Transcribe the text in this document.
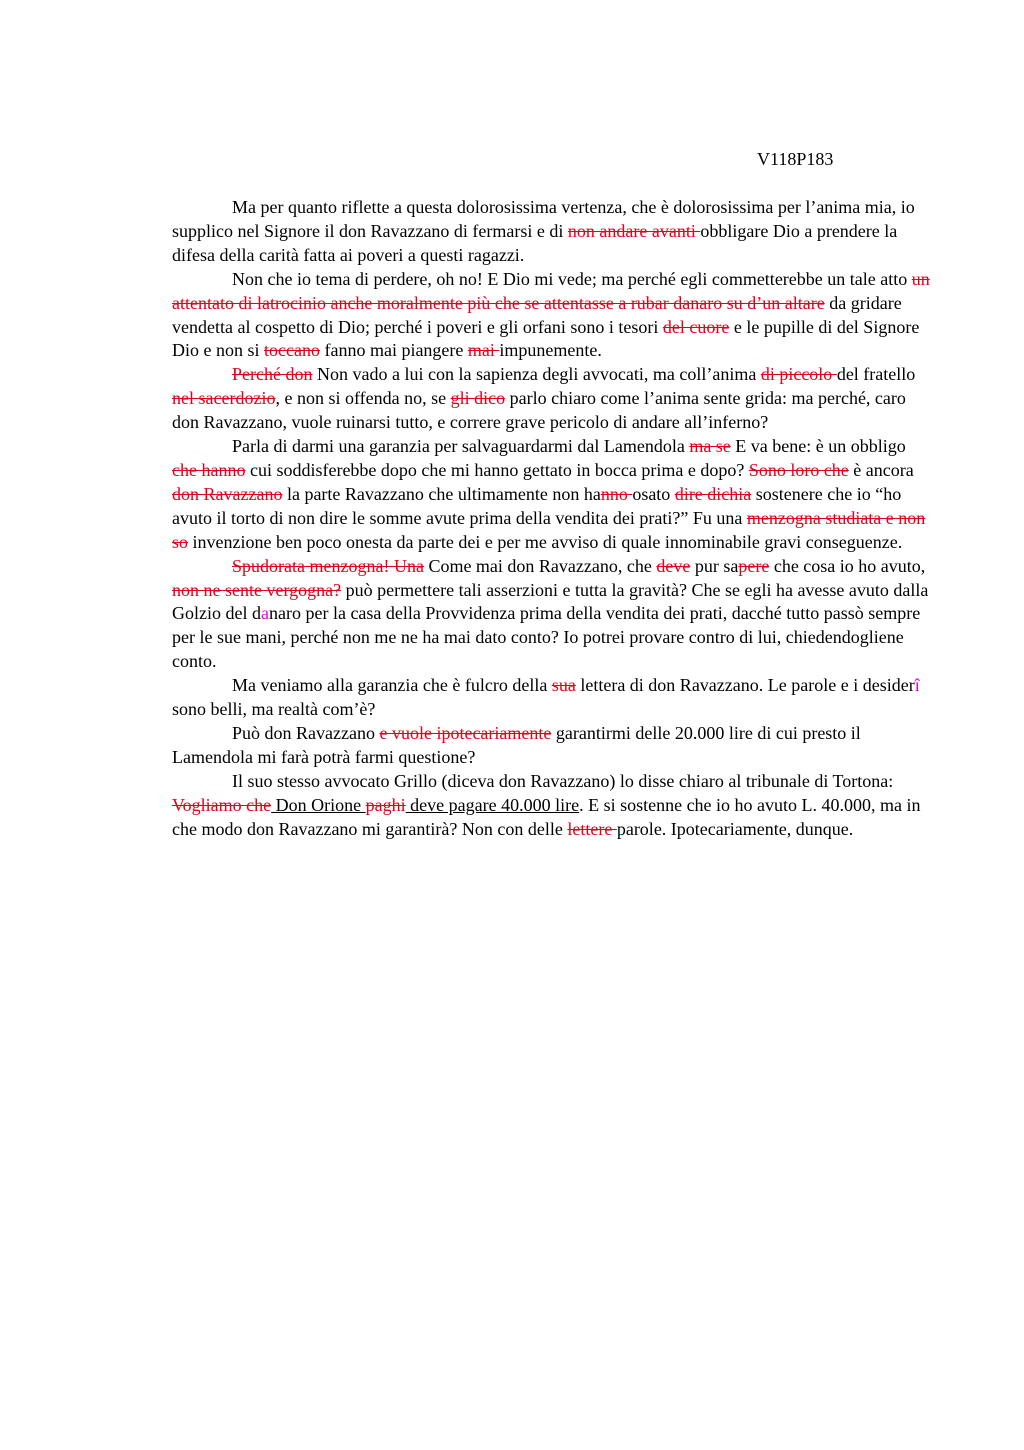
V118P183

Ma per quanto riflette a questa dolorosissima vertenza, che è dolorosissima per l’anima mia, io supplico nel Signore il don Ravazzano di fermarsi e di non andare avanti obbligare Dio a prendere la difesa della carità fatta ai poveri a questi ragazzi.

Non che io tema di perdere, oh no! E Dio mi vede; ma perché egli commetterebbe un tale atto un attentato di latrocinio anche moralmente più che se attentasse a rubar danaro su d’un altare da gridare vendetta al cospetto di Dio; perché i poveri e gli orfani sono i tesori del cuore e le pupille di del Signore Dio e non si toccano fanno mai piangere mai impunemente.

Perché don Non vado a lui con la sapienza degli avvocati, ma coll’anima di piccolo del fratello nel sacerdozio, e non si offenda no, se gli dico parlo chiaro come l’anima sente grida: ma perché, caro don Ravazzano, vuole ruinarsi tutto, e correre grave pericolo di andare all’inferno?

Parla di darmi una garanzia per salvaguardarmi dal Lamendola ma se E va bene: è un obbligo che hanno cui soddisferebbe dopo che mi hanno gettato in bocca prima e dopo? Sono loro che è ancora don Ravazzano la parte Ravazzano che ultimamente non hanno osato dire dichia sostenere che io “ho avuto il torto di non dire le somme avute prima della vendita dei prati?” Fu una menzogna studiata e non so invenzione ben poco onesta da parte dei e per me avviso di quale innominabile gravi conseguenze.

Spudorata menzogna! Una Come mai don Ravazzano, che deve pur sapere che cosa io ho avuto, non ne sente vergogna? può permettere tali asserzioni e tutta la gravità? Che se egli ha avesse avuto dalla Golzio del danaro per la casa della Provvidenza prima della vendita dei prati, dacché tutto passò sempre per le sue mani, perché non me ne ha mai dato conto? Io potrei provare contro di lui, chiedendogliene conto.

Ma veniamo alla garanzia che è fulcro della sua lettera di don Ravazzano. Le parole e i desiderî sono belli, ma realtà com’è?

Può don Ravazzano e vuole ipotecariamente garantirmi delle 20.000 lire di cui presto il Lamendola mi farà potrà farmi questione?

Il suo stesso avvocato Grillo (diceva don Ravazzano) lo disse chiaro al tribunale di Tortona: Vogliamo che Don Orione paghi deve pagare 40.000 lire. E si sostenne che io ho avuto L. 40.000, ma in che modo don Ravazzano mi garantirà? Non con delle lettere parole. Ipotecariamente, dunque.
